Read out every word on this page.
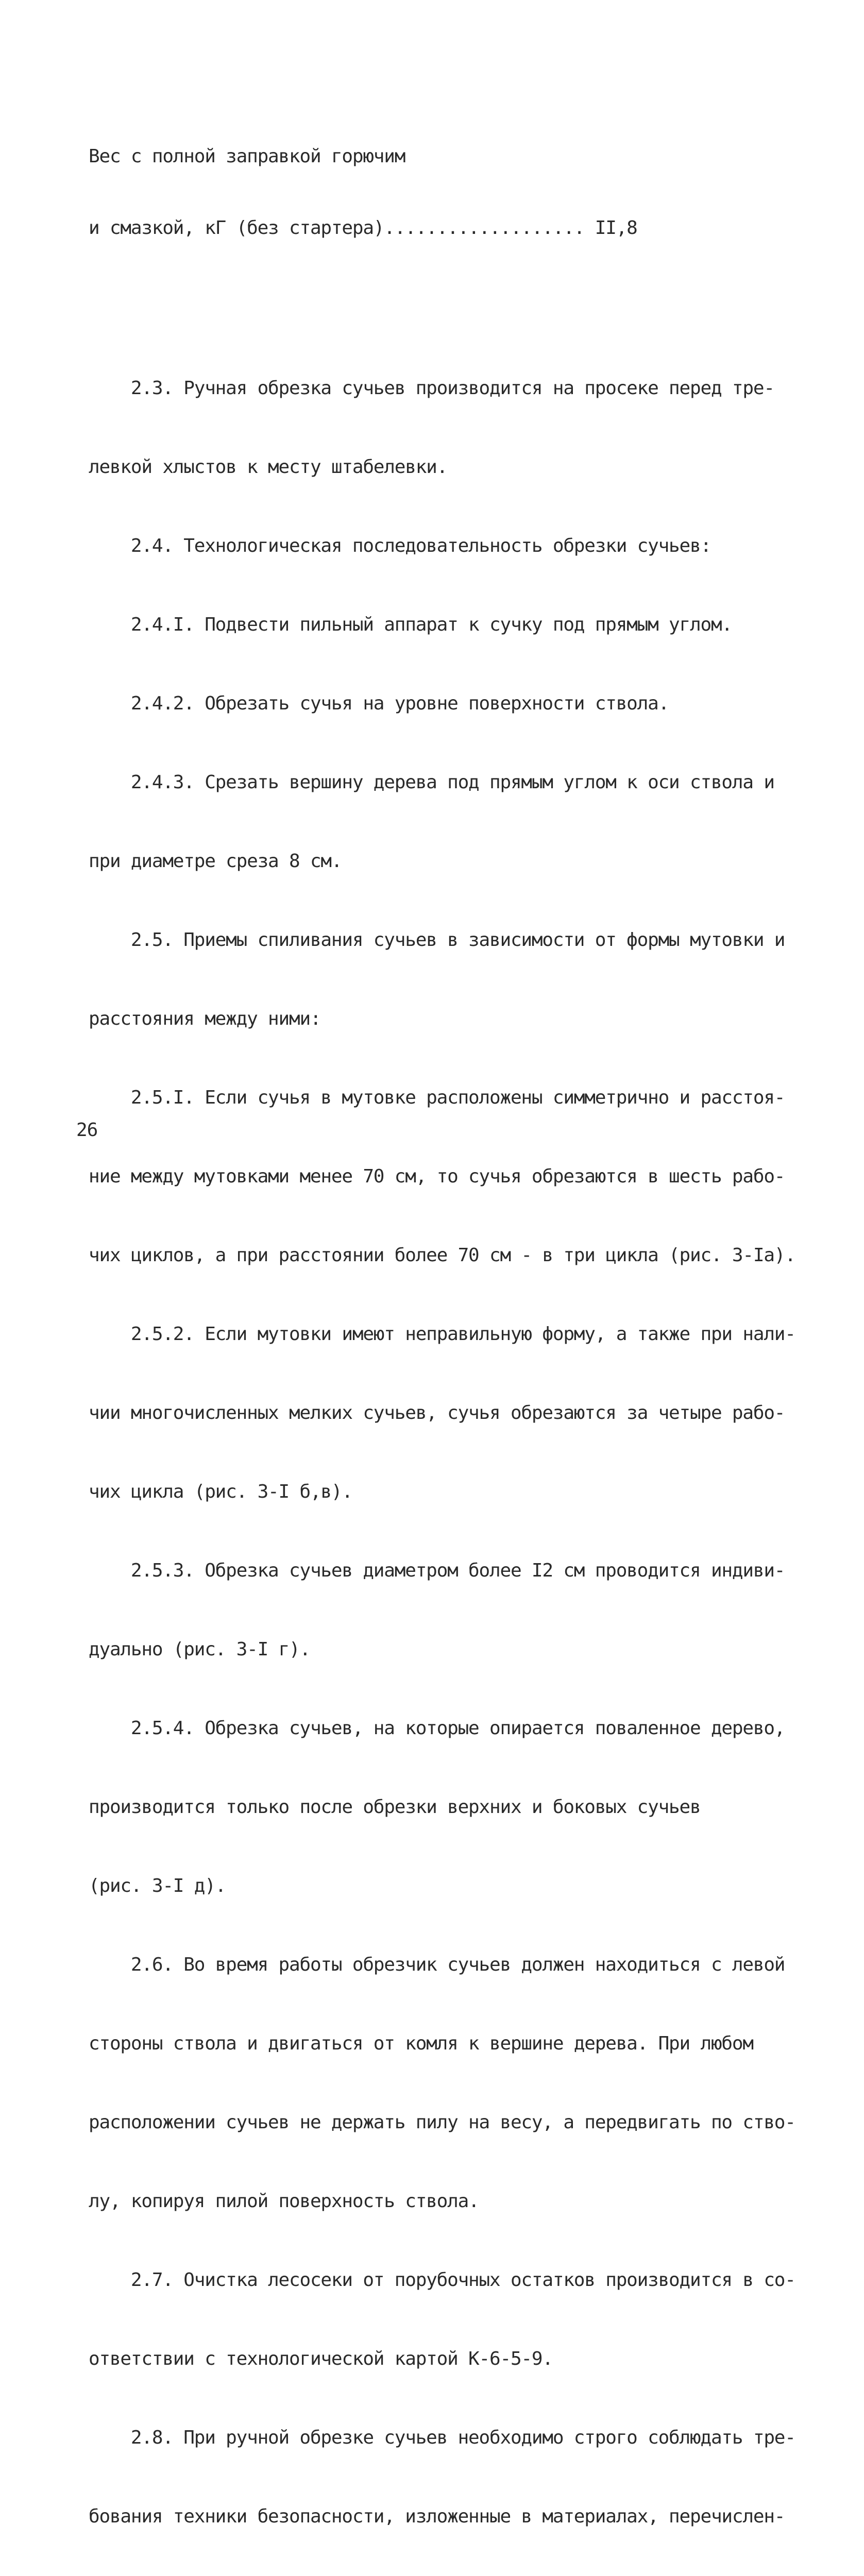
Вес с полной заправкой горючим

и смазкой, кГ (без стартера)................... II,8

2.3. Ручная обрезка сучьев производится на просеке перед тре-

левкой хлыстов к месту штабелевки.

2.4. Технологическая последовательность обрезки сучьев:

2.4.I. Подвести пильный аппарат к сучку под прямым углом.

2.4.2. Обрезать сучья на уровне поверхности ствола.

2.4.3. Срезать вершину дерева под прямым углом к оси ствола и

при диаметре среза 8 см.

2.5. Приемы спиливания сучьев в зависимости от формы мутовки и

расстояния между ними:

2.5.I. Если сучья в мутовке расположены симметрично и расстоя-

ние между мутовками менее 70 см, то сучья обрезаются в шесть рабо-

чих циклов, а при расстоянии более 70 см - в три цикла (рис. 3-Iа).

2.5.2. Если мутовки имеют неправильную форму, а также при нали-

чии многочисленных мелких сучьев, сучья обрезаются за четыре рабо-

чих цикла (рис. 3-I б,в).

2.5.3. Обрезка сучьев диаметром более I2 см проводится индиви-

дуально (рис. 3-I г).

2.5.4. Обрезка сучьев, на которые опирается поваленное дерево,

производится только после обрезки верхних и боковых сучьев

(рис. 3-I д).

2.6. Во время работы обрезчик сучьев должен находиться с левой

стороны ствола и двигаться от комля к вершине дерева. При любом

расположении сучьев не держать пилу на весу, а передвигать по ство-

лу, копируя пилой поверхность ствола.

2.7. Очистка лесосеки от порубочных остатков производится в со-

ответствии с технологической картой К-6-5-9.

2.8. При ручной обрезке сучьев необходимо строго соблюдать тре-

бования техники безопасности, изложенные в материалах, перечислен-

26
